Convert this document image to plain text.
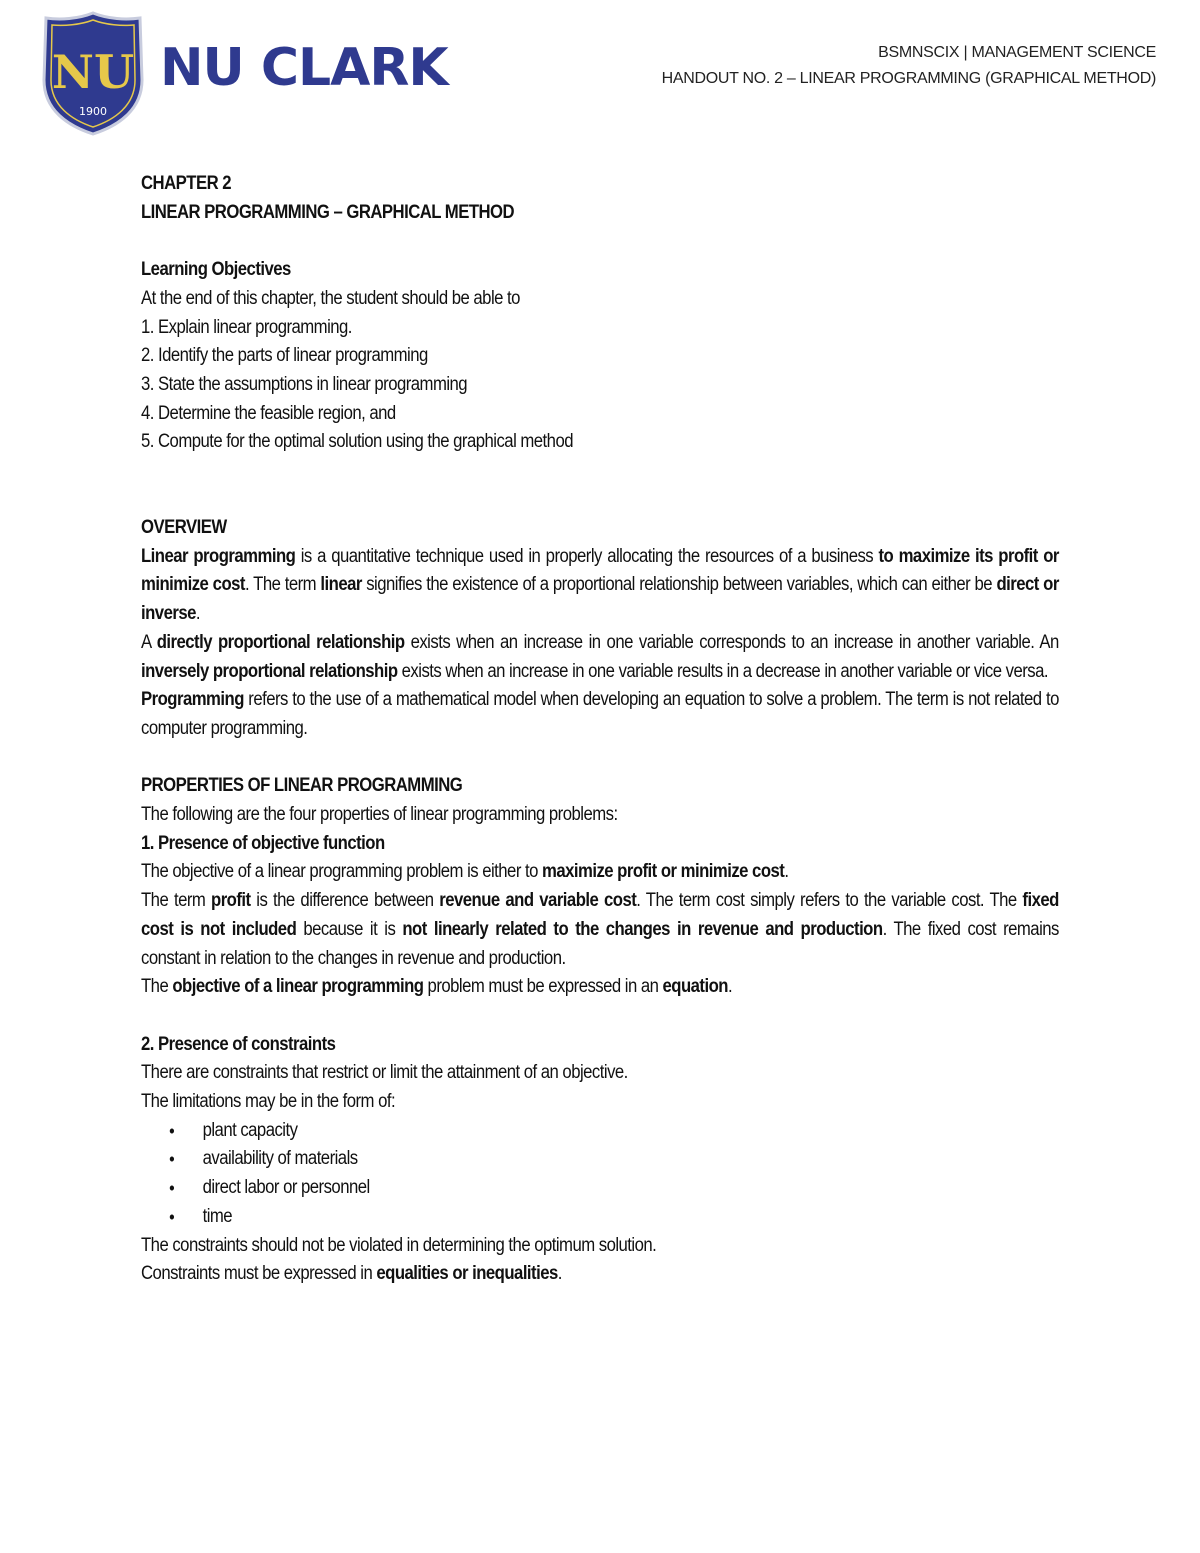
NU
1900
NU CLARK	BSMNSCIX | MANAGEMENT SCIENCE
HANDOUT NO. 2 – LINEAR PROGRAMMING (GRAPHICAL METHOD)

CHAPTER 2

LINEAR PROGRAMMING – GRAPHICAL METHOD

Learning Objectives

At the end of this chapter, the student should be able to

1. Explain linear programming.

2. Identify the parts of linear programming

3. State the assumptions in linear programming

4. Determine the feasible region, and

5. Compute for the optimal solution using the graphical method

OVERVIEW

Linear programming is a quantitative technique used in properly allocating the resources of a business to maximize its profit or minimize cost. The term linear signifies the existence of a proportional relationship between variables, which can either be direct or inverse.

A directly proportional relationship exists when an increase in one variable corresponds to an increase in another variable. An inversely proportional relationship exists when an increase in one variable results in a decrease in another variable or vice versa.

Programming refers to the use of a mathematical model when developing an equation to solve a problem. The term is not related to computer programming.

PROPERTIES OF LINEAR PROGRAMMING

The following are the four properties of linear programming problems:

1. Presence of objective function

The objective of a linear programming problem is either to maximize profit or minimize cost.

The term profit is the difference between revenue and variable cost. The term cost simply refers to the variable cost. The fixed cost is not included because it is not linearly related to the changes in revenue and production. The fixed cost remains constant in relation to the changes in revenue and production.

The objective of a linear programming problem must be expressed in an equation.

2. Presence of constraints

There are constraints that restrict or limit the attainment of an objective.

The limitations may be in the form of:

• plant capacity
• availability of materials
• direct labor or personnel
• time

The constraints should not be violated in determining the optimum solution.

Constraints must be expressed in equalities or inequalities.
